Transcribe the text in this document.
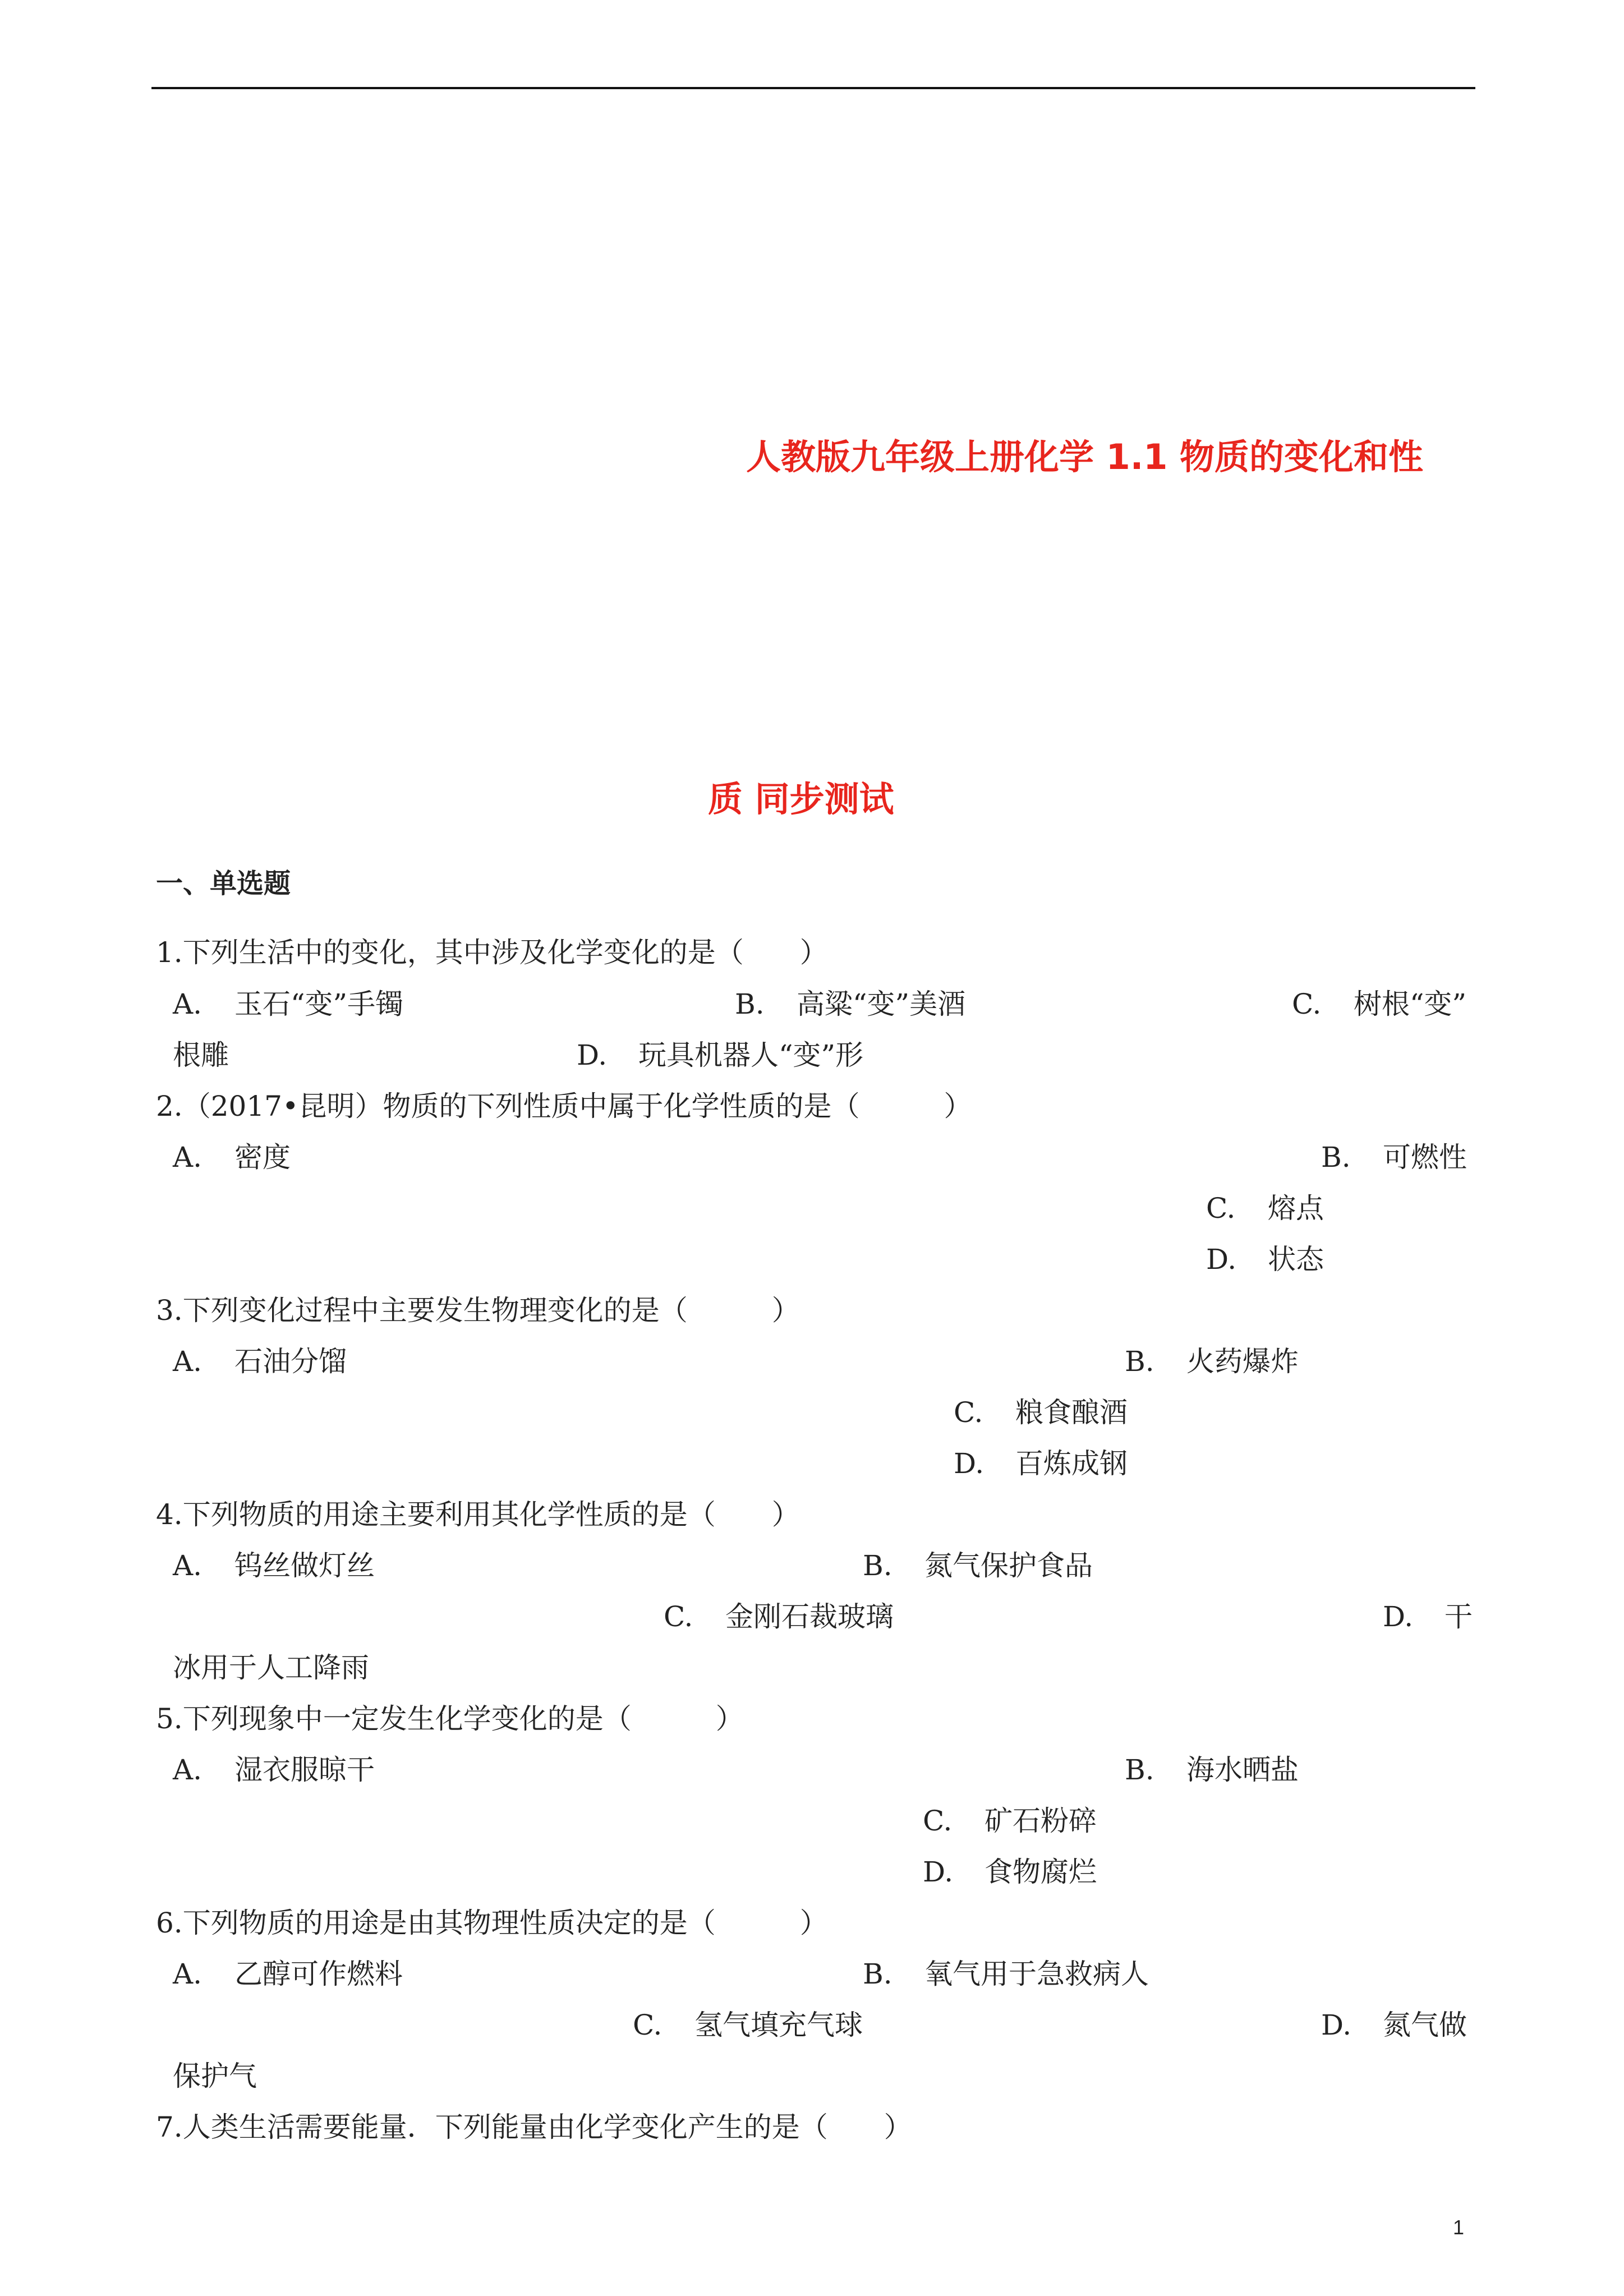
人教版九年级上册化学 1.1 物质的变化和性
质 同步测试
一、单选题
1.下列生活中的变化，其中涉及化学变化的是（　　）
A. 玉石“变”手镯	B. 高粱“变”美酒	C. 树根“变”
根雕	D. 玩具机器人“变”形
2.（2017•昆明）物质的下列性质中属于化学性质的是（　　　）
A. 密度	B. 可燃性
C. 熔点
D. 状态
3.下列变化过程中主要发生物理变化的是（　　　）
A. 石油分馏	B. 火药爆炸
C. 粮食酿酒
D. 百炼成钢
4.下列物质的用途主要利用其化学性质的是（　　）
A. 钨丝做灯丝	B. 氮气保护食品
C. 金刚石裁玻璃	D. 干
冰用于人工降雨
5.下列现象中一定发生化学变化的是（　　　）
A. 湿衣服晾干	B. 海水晒盐
C. 矿石粉碎
D. 食物腐烂
6.下列物质的用途是由其物理性质决定的是（　　　）
A. 乙醇可作燃料	B. 氧气用于急救病人
C. 氢气填充气球	D. 氮气做
保护气
7.人类生活需要能量．下列能量由化学变化产生的是（　　）
1
